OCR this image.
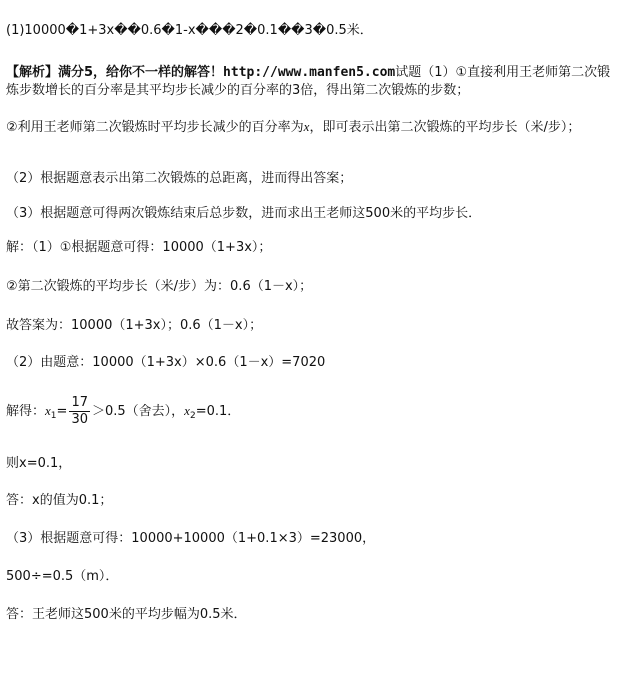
(1)10000�1+3x��0.6�1-x���2�0.1��3�0.5米．
【解析】满分5，给你不一样的解答！http://www.manfen5.com试题（1）①直接利用王老师第二次锻炼步数增长的百分率是其平均步长减少的百分率的3倍，得出第二次锻炼的步数；
②利用王老师第二次锻炼时平均步长减少的百分率为x，即可表示出第二次锻炼的平均步长（米/步）；
（2）根据题意表示出第二次锻炼的总距离，进而得出答案；
（3）根据题意可得两次锻炼结束后总步数，进而求出王老师这500米的平均步长．
解：（1）①根据题意可得：10000（1+3x）；
②第二次锻炼的平均步长（米/步）为：0.6（1－x）；
故答案为：10000（1+3x）；0.6（1－x）；
（2）由题意：10000（1+3x）×0.6（1－x）=7020
解得：$x_1= \frac{17}{30} >0.5$（舍去），$x_2=0.1$．
则x=0.1，
答：x的值为0.1；
（3）根据题意可得：10000+10000（1+0.1×3）=23000，
500÷=0.5（m）．
答：王老师这500米的平均步幅为0.5米．
